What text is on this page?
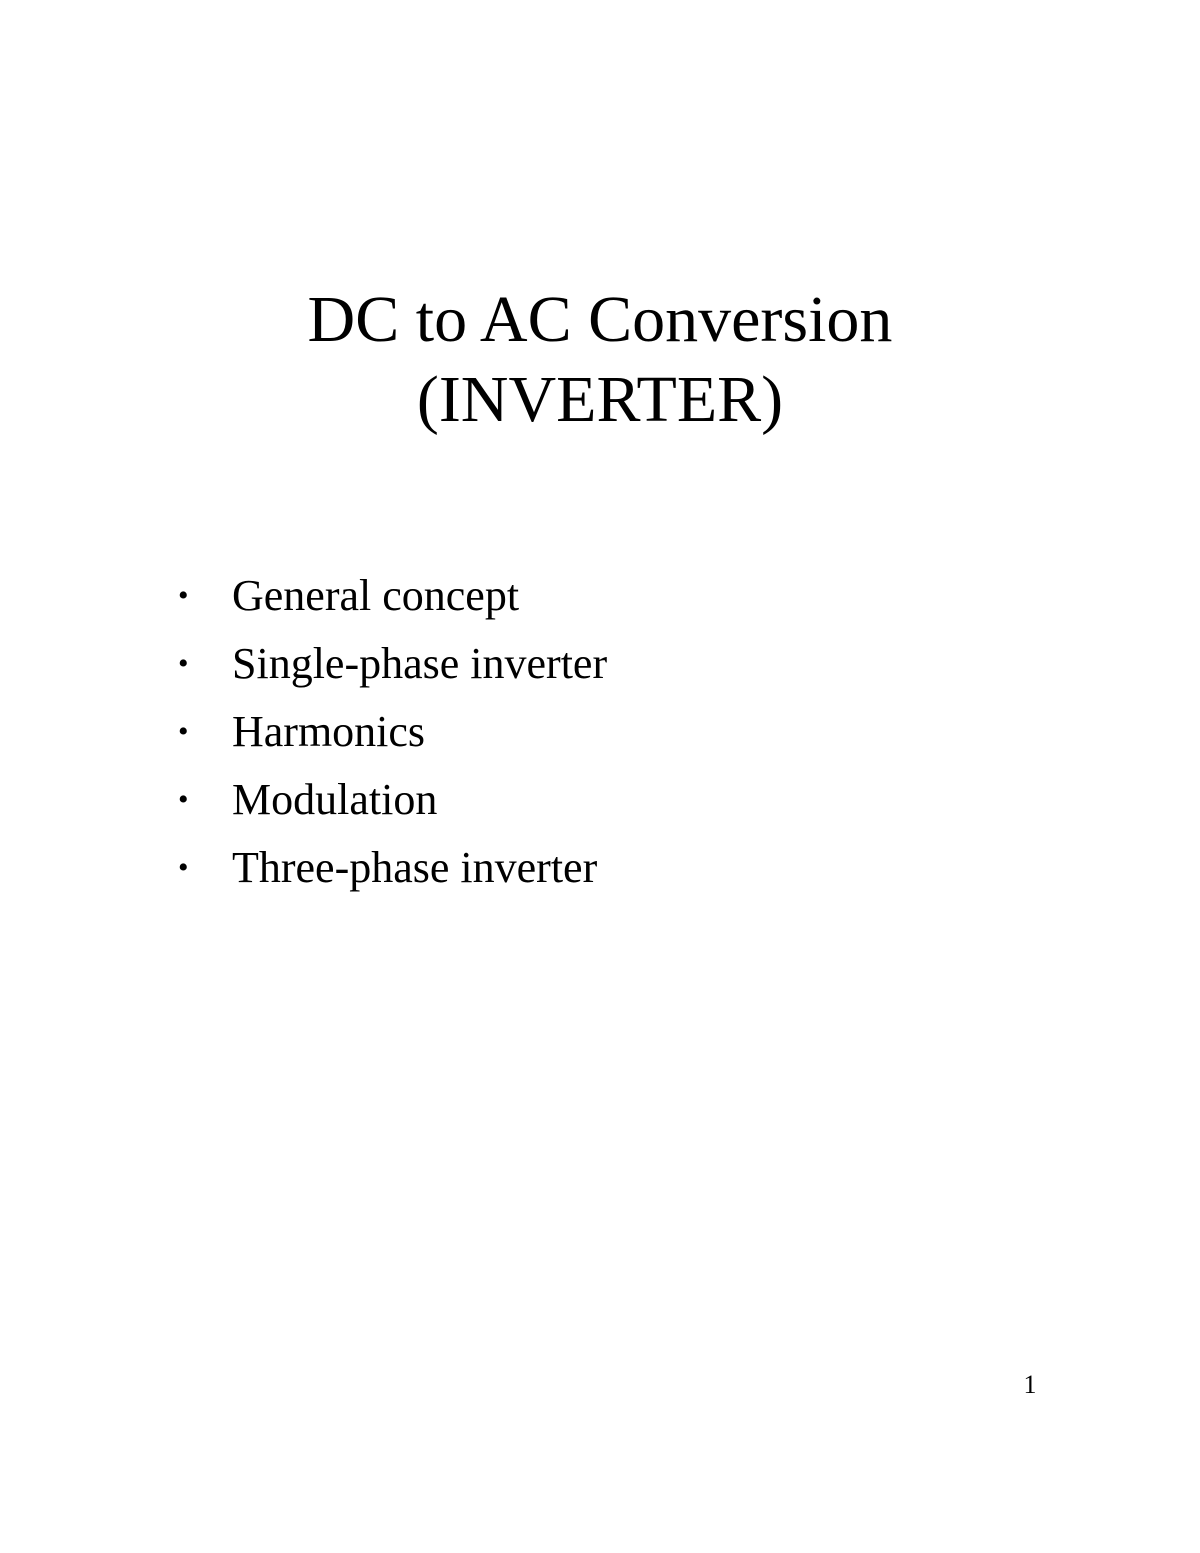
DC to AC Conversion
(INVERTER)
• General concept
• Single-phase inverter
• Harmonics
• Modulation
• Three-phase inverter
1
